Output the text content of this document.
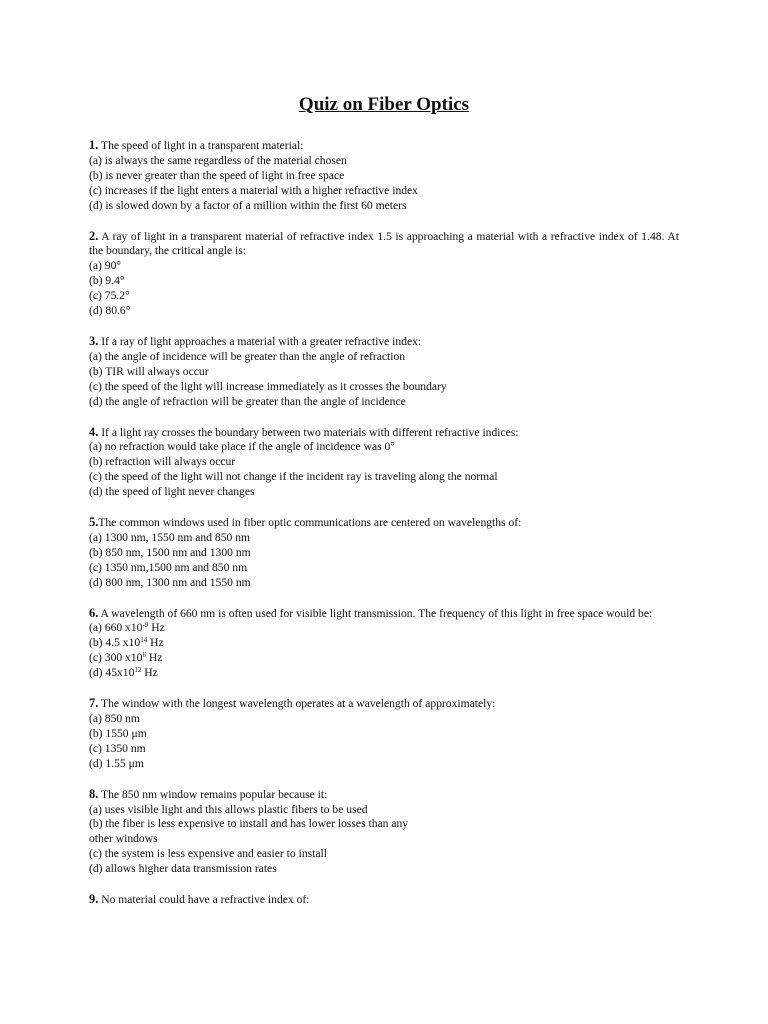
Quiz on Fiber Optics
1. The speed of light in a transparent material:
(a) is always the same regardless of the material chosen
(b) is never greater than the speed of light in free space
(c) increases if the light enters a material with a higher refractive index
(d) is slowed down by a factor of a million within the first 60 meters
2. A ray of light in a transparent material of refractive index 1.5 is approaching a material with a refractive index of 1.48. At the boundary, the critical angle is:
(a) 90°
(b) 9.4°
(c) 75.2°
(d) 80.6°
3. If a ray of light approaches a material with a greater refractive index:
(a) the angle of incidence will be greater than the angle of refraction
(b) TIR will always occur
(c) the speed of the light will increase immediately as it crosses the boundary
(d) the angle of refraction will be greater than the angle of incidence
4. If a light ray crosses the boundary between two materials with different refractive indices:
(a) no refraction would take place if the angle of incidence was 0°
(b) refraction will always occur
(c) the speed of the light will not change if the incident ray is traveling along the normal
(d) the speed of light never changes
5.The common windows used in fiber optic communications are centered on wavelengths of:
(a) 1300 nm, 1550 nm and 850 nm
(b) 850 nm, 1500 nm and 1300 nm
(c) 1350 nm,1500 nm and 850 nm
(d) 800 nm, 1300 nm and 1550 nm
6. A wavelength of 660 nm is often used for visible light transmission. The frequency of this light in free space would be:
(a) 660 $x10^{-9}$ Hz
(b) 4.5 $x10^{14}$ Hz
(c) 300 $x10^6$ Hz
(d) $45x10^{12}$ Hz
7. The window with the longest wavelength operates at a wavelength of approximately:
(a) 850 nm
(b) 1550 μm
(c) 1350 nm
(d) 1.55 μm
8. The 850 nm window remains popular because it:
(a) uses visible light and this allows plastic fibers to be used
(b) the fiber is less expensive to install and has lower losses than any
other windows
(c) the system is less expensive and easier to install
(d) allows higher data transmission rates
9. No material could have a refractive index of:
